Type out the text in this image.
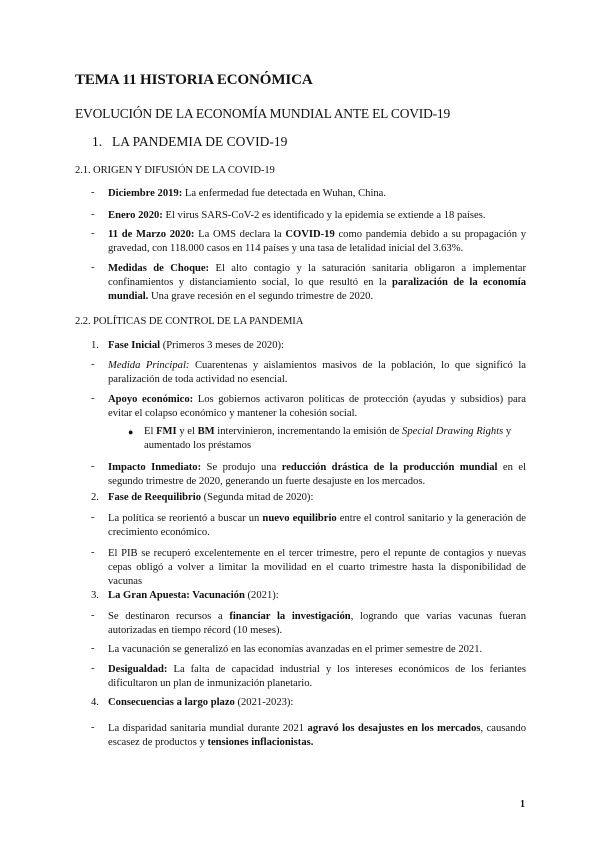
TEMA 11 HISTORIA ECONÓMICA
EVOLUCIÓN DE LA ECONOMÍA MUNDIAL ANTE EL COVID-19
1. LA PANDEMIA DE COVID-19
2.1. ORIGEN Y DIFUSIÓN DE LA COVID-19
- Diciembre 2019: La enfermedad fue detectada en Wuhan, China.
- Enero 2020: El virus SARS-CoV-2 es identificado y la epidemia se extiende a 18 países.
- 11 de Marzo 2020: La OMS declara la COVID-19 como pandemia debido a su propagación y gravedad, con 118.000 casos en 114 países y una tasa de letalidad inicial del 3.63%.
- Medidas de Choque: El alto contagio y la saturación sanitaria obligaron a implementar confinamientos y distanciamiento social, lo que resultó en la paralización de la economía mundial. Una grave recesión en el segundo trimestre de 2020.
2.2. POLÍTICAS DE CONTROL DE LA PANDEMIA
1. Fase Inicial (Primeros 3 meses de 2020):
- Medida Principal: Cuarentenas y aislamientos masivos de la población, lo que significó la paralización de toda actividad no esencial.
- Apoyo económico: Los gobiernos activaron políticas de protección (ayudas y subsidios) para evitar el colapso económico y mantener la cohesión social.
● El FMI y el BM intervinieron, incrementando la emisión de Special Drawing Rights y aumentado los préstamos
- Impacto Inmediato: Se produjo una reducción drástica de la producción mundial en el segundo trimestre de 2020, generando un fuerte desajuste en los mercados.
2. Fase de Reequilibrio (Segunda mitad de 2020):
- La política se reorientó a buscar un nuevo equilibrio entre el control sanitario y la generación de crecimiento económico.
- El PIB se recuperó excelentemente en el tercer trimestre, pero el repunte de contagios y nuevas cepas obligó a volver a limitar la movilidad en el cuarto trimestre hasta la disponibilidad de vacunas
3. La Gran Apuesta: Vacunación (2021):
- Se destinaron recursos a financiar la investigación, logrando que varias vacunas fueran autorizadas en tiempo récord (10 meses).
- La vacunación se generalizó en las economías avanzadas en el primer semestre de 2021.
- Desigualdad: La falta de capacidad industrial y los intereses económicos de los feriantes dificultaron un plan de inmunización planetario.
4. Consecuencias a largo plazo (2021-2023):
- La disparidad sanitaria mundial durante 2021 agravó los desajustes en los mercados, causando escasez de productos y tensiones inflacionistas.
1
